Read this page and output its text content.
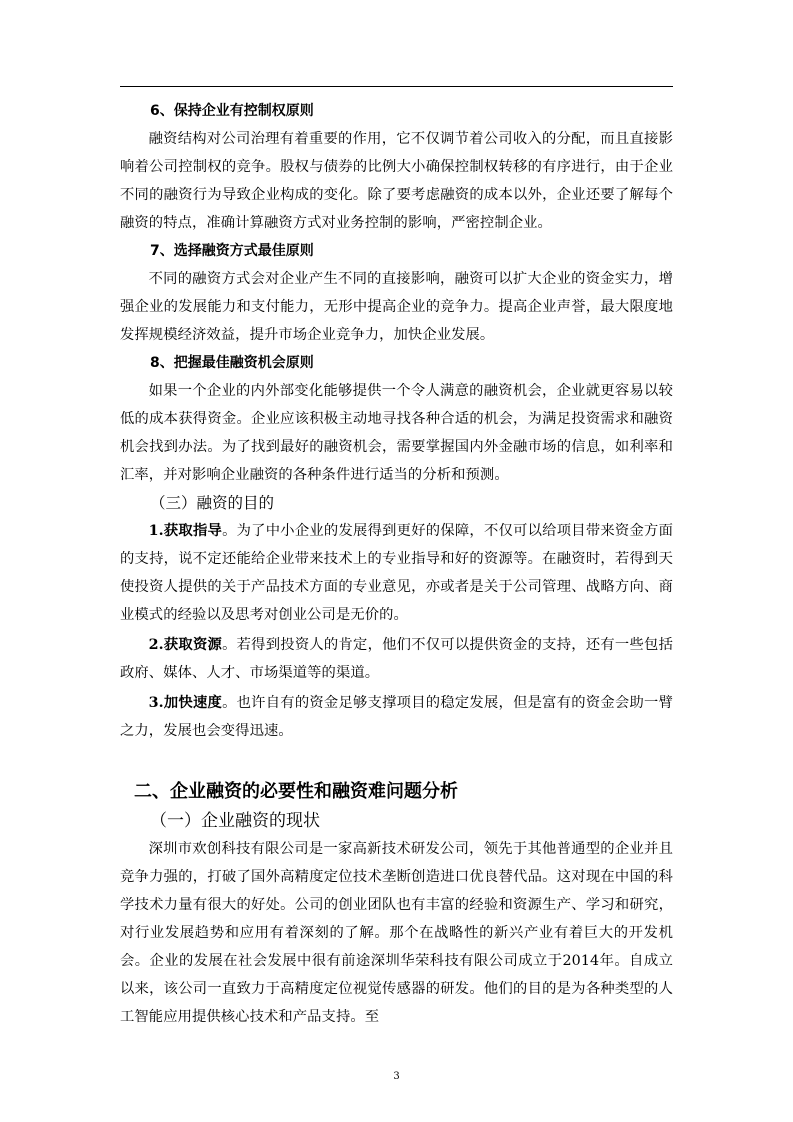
6、保持企业有控制权原则

融资结构对公司治理有着重要的作用，它不仅调节着公司收入的分配，而且直接影响着公司控制权的竞争。股权与债券的比例大小确保控制权转移的有序进行，由于企业不同的融资行为导致企业构成的变化。除了要考虑融资的成本以外，企业还要了解每个融资的特点，准确计算融资方式对业务控制的影响，严密控制企业。

7、选择融资方式最佳原则

不同的融资方式会对企业产生不同的直接影响，融资可以扩大企业的资金实力，增强企业的发展能力和支付能力，无形中提高企业的竞争力。提高企业声誉，最大限度地发挥规模经济效益，提升市场企业竞争力，加快企业发展。

8、把握最佳融资机会原则

如果一个企业的内外部变化能够提供一个令人满意的融资机会，企业就更容易以较低的成本获得资金。企业应该积极主动地寻找各种合适的机会，为满足投资需求和融资机会找到办法。为了找到最好的融资机会，需要掌握国内外金融市场的信息，如利率和汇率，并对影响企业融资的各种条件进行适当的分析和预测。

（三）融资的目的

1.获取指导。为了中小企业的发展得到更好的保障，不仅可以给项目带来资金方面的支持，说不定还能给企业带来技术上的专业指导和好的资源等。在融资时，若得到天使投资人提供的关于产品技术方面的专业意见，亦或者是关于公司管理、战略方向、商业模式的经验以及思考对创业公司是无价的。

2.获取资源。若得到投资人的肯定，他们不仅可以提供资金的支持，还有一些包括政府、媒体、人才、市场渠道等的渠道。

3.加快速度。也许自有的资金足够支撑项目的稳定发展，但是富有的资金会助一臂之力，发展也会变得迅速。

二、企业融资的必要性和融资难问题分析
（一）企业融资的现状

深圳市欢创科技有限公司是一家高新技术研发公司，领先于其他普通型的企业并且竞争力强的，打破了国外高精度定位技术垄断创造进口优良替代品。这对现在中国的科学技术力量有很大的好处。公司的创业团队也有丰富的经验和资源生产、学习和研究，对行业发展趋势和应用有着深刻的了解。那个在战略性的新兴产业有着巨大的开发机会。企业的发展在社会发展中很有前途深圳华荣科技有限公司成立于2014年。自成立以来，该公司一直致力于高精度定位视觉传感器的研发。他们的目的是为各种类型的人工智能应用提供核心技术和产品支持。至

3
